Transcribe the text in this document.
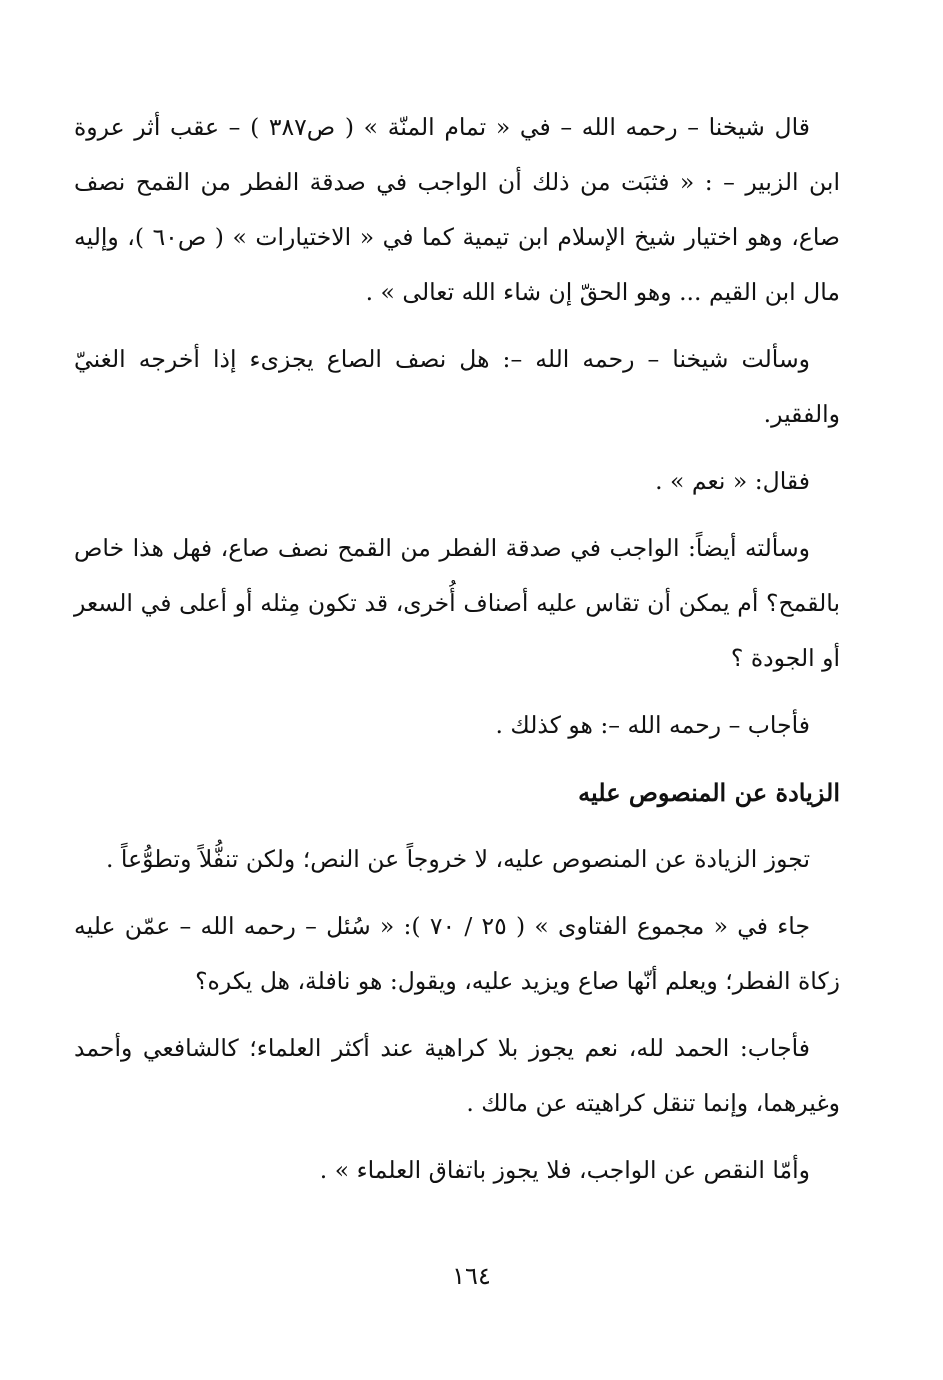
قال شيخنا – رحمه الله – في « تمام المنّة » ( ص٣٨٧ ) – عقب أثر عروة ابن الزبير – : « فثبَت من ذلك أن الواجب في صدقة الفطر من القمح نصف صاع، وهو اختيار شيخ الإسلام ابن تيمية كما في « الاختيارات » ( ص٦٠ )، وإليه مال ابن القيم ... وهو الحقّ إن شاء الله تعالى » .

وسألت شيخنا – رحمه الله –: هل نصف الصاع يجزىء إذا أخرجه الغنيّ والفقير.

فقال: « نعم » .

وسألته أيضاً: الواجب في صدقة الفطر من القمح نصف صاع، فهل هذا خاص بالقمح؟ أم يمكن أن تقاس عليه أصناف أُخرى، قد تكون مِثله أو أعلى في السعر أو الجودة ؟

فأجاب – رحمه الله –: هو كذلك .

الزيادة عن المنصوص عليه

تجوز الزيادة عن المنصوص عليه، لا خروجاً عن النص؛ ولكن تنفُّلاً وتطوُّعاً .

جاء في « مجموع الفتاوى » ( ٢٥ / ٧٠ ): « سُئل – رحمه الله – عمّن عليه زكاة الفطر؛ ويعلم أنّها صاع ويزيد عليه، ويقول: هو نافلة، هل يكره؟

فأجاب: الحمد لله، نعم يجوز بلا كراهية عند أكثر العلماء؛ كالشافعي وأحمد وغيرهما، وإنما تنقل كراهيته عن مالك .

وأمّا النقص عن الواجب، فلا يجوز باتفاق العلماء » .

١٦٤
